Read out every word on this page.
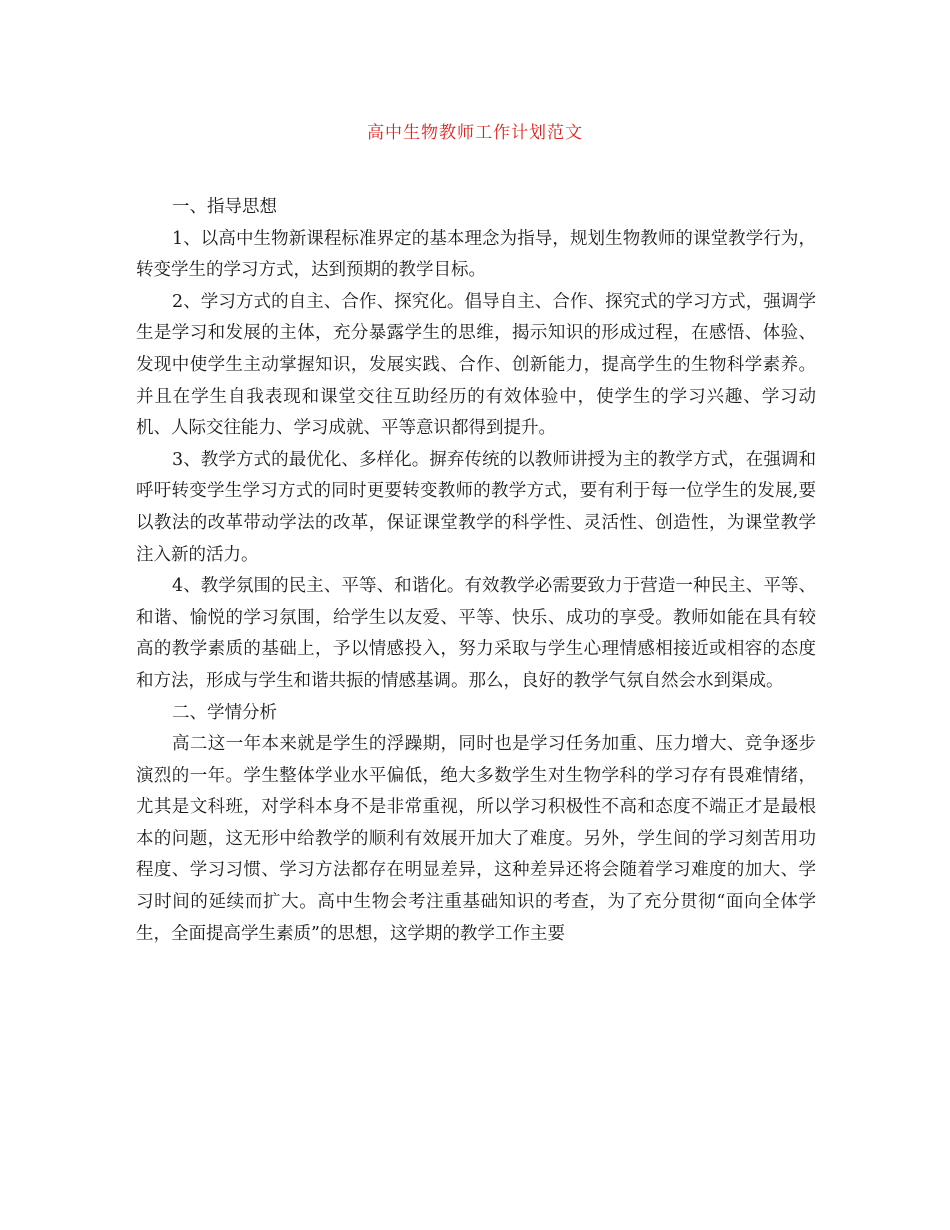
高中生物教师工作计划范文

一、指导思想

1、以高中生物新课程标准界定的基本理念为指导，规划生物教师的课堂教学行为，转变学生的学习方式，达到预期的教学目标。

2、学习方式的自主、合作、探究化。倡导自主、合作、探究式的学习方式，强调学生是学习和发展的主体，充分暴露学生的思维，揭示知识的形成过程，在感悟、体验、发现中使学生主动掌握知识，发展实践、合作、创新能力，提高学生的生物科学素养。并且在学生自我表现和课堂交往互助经历的有效体验中，使学生的学习兴趣、学习动机、人际交往能力、学习成就、平等意识都得到提升。

3、教学方式的最优化、多样化。摒弃传统的以教师讲授为主的教学方式，在强调和呼吁转变学生学习方式的同时更要转变教师的教学方式，要有利于每一位学生的发展,要以教法的改革带动学法的改革，保证课堂教学的科学性、灵活性、创造性，为课堂教学注入新的活力。

4、教学氛围的民主、平等、和谐化。有效教学必需要致力于营造一种民主、平等、和谐、愉悦的学习氛围，给学生以友爱、平等、快乐、成功的享受。教师如能在具有较高的教学素质的基础上，予以情感投入，努力采取与学生心理情感相接近或相容的态度和方法，形成与学生和谐共振的情感基调。那么，良好的教学气氛自然会水到渠成。

二、学情分析

高二这一年本来就是学生的浮躁期，同时也是学习任务加重、压力增大、竞争逐步演烈的一年。学生整体学业水平偏低，绝大多数学生对生物学科的学习存有畏难情绪，尤其是文科班，对学科本身不是非常重视，所以学习积极性不高和态度不端正才是最根本的问题，这无形中给教学的顺利有效展开加大了难度。另外，学生间的学习刻苦用功程度、学习习惯、学习方法都存在明显差异，这种差异还将会随着学习难度的加大、学习时间的延续而扩大。高中生物会考注重基础知识的考查，为了充分贯彻“面向全体学生，全面提高学生素质”的思想，这学期的教学工作主要
